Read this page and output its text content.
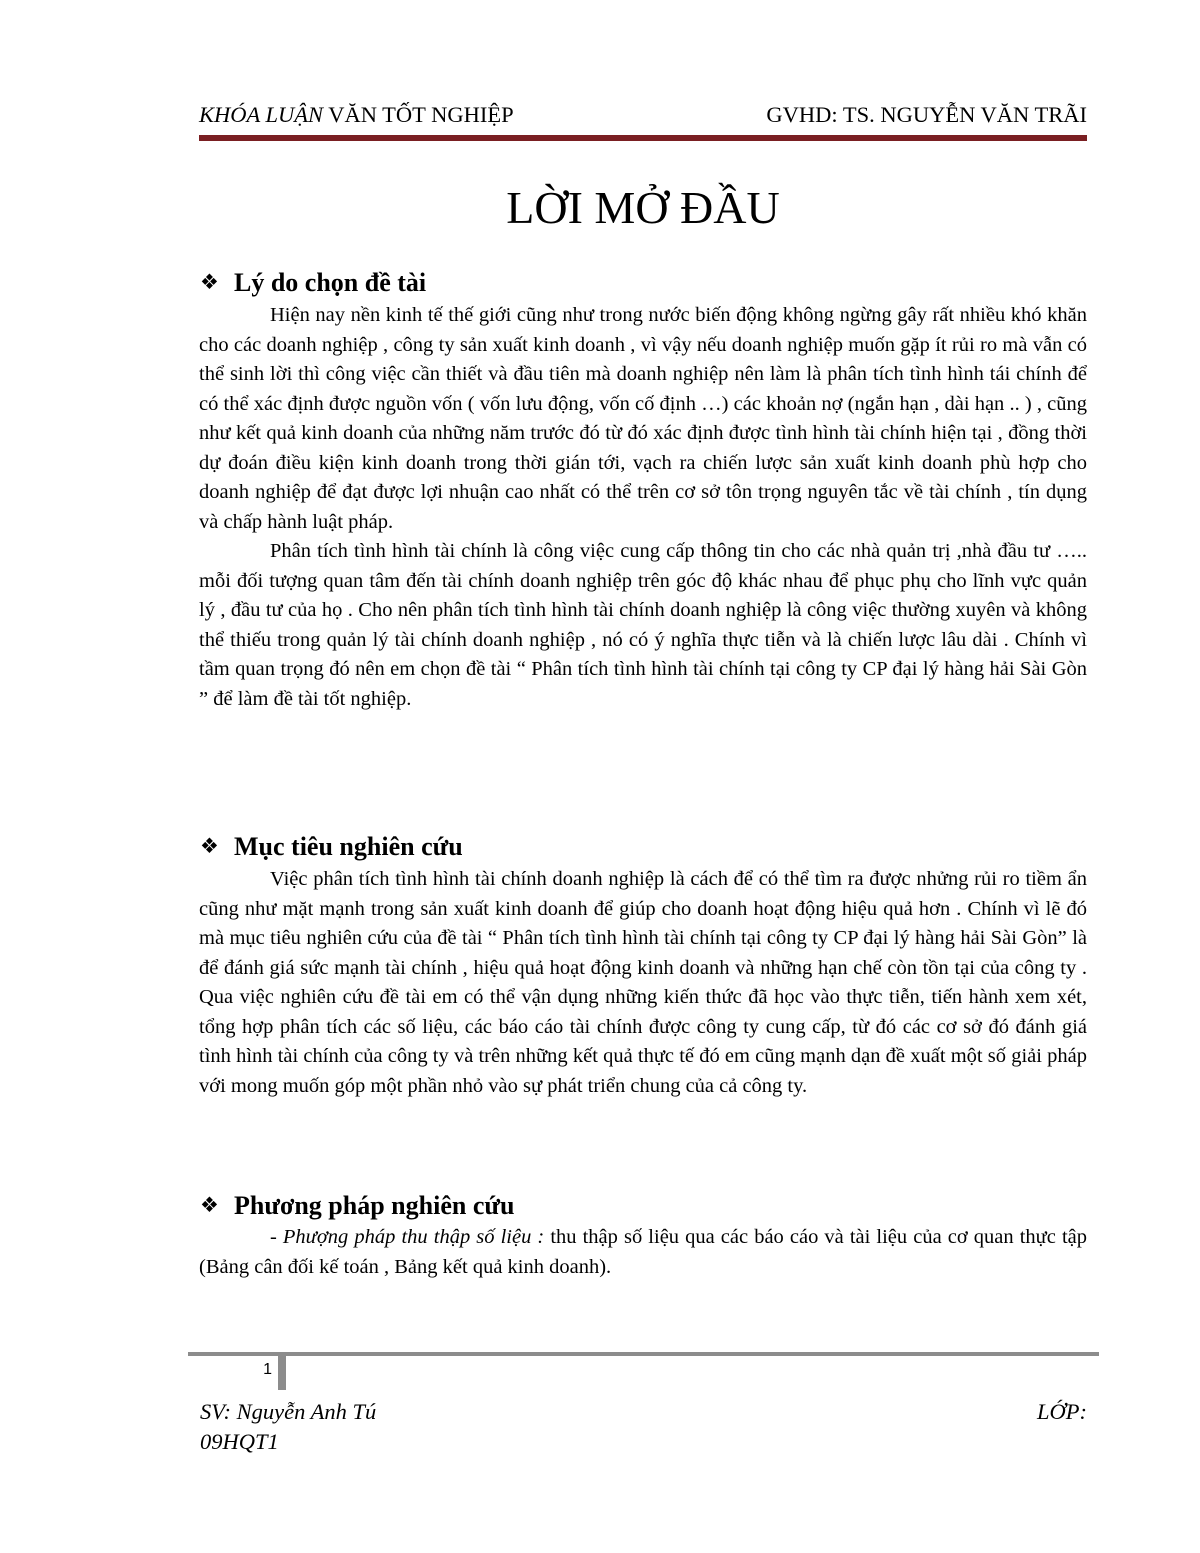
KHÓA LUẬN VĂN TỐT NGHIỆP	GVHD: TS. NGUYỄN VĂN TRÃI
LỜI MỞ ĐẦU
❖ Lý do chọn đề tài

Hiện nay nền kinh tế thế giới cũng như trong nước biến động không ngừng gây rất nhiều khó khăn cho các doanh nghiệp , công ty sản xuất kinh doanh , vì vậy nếu doanh nghiệp muốn gặp ít rủi ro mà vẫn có thể sinh lời thì công việc cần thiết và đầu tiên mà doanh nghiệp nên làm là phân tích tình hình tái chính để có thể xác định được nguồn vốn ( vốn lưu động, vốn cố định …) các khoản nợ (ngắn hạn , dài hạn .. ) , cũng như kết quả kinh doanh của những năm trước đó từ đó xác định được tình hình tài chính hiện tại , đồng thời dự đoán điều kiện kinh doanh trong thời gián tới, vạch ra chiến lược sản xuất kinh doanh phù hợp cho doanh nghiệp để đạt được lợi nhuận cao nhất có thể trên cơ sở tôn trọng nguyên tắc về tài chính , tín dụng và chấp hành luật pháp.

Phân tích tình hình tài chính là công việc cung cấp thông tin cho các nhà quản trị ,nhà đầu tư ….. mỗi đối tượng quan tâm đến tài chính doanh nghiệp trên góc độ khác nhau để phục phụ cho lĩnh vực quản lý , đầu tư của họ . Cho nên phân tích tình hình tài chính doanh nghiệp là công việc thường xuyên và không thể thiếu trong quản lý tài chính doanh nghiệp , nó có ý nghĩa thực tiễn và là chiến lược lâu dài . Chính vì tầm quan trọng đó nên em chọn đề tài “ Phân tích tình hình tài chính tại công ty CP đại lý hàng hải Sài Gòn ” để làm đề tài tốt nghiệp.

❖ Mục tiêu nghiên cứu

Việc phân tích tình hình tài chính doanh nghiệp là cách để có thể tìm ra được nhửng rủi ro tiềm ẩn cũng như mặt mạnh trong sản xuất kinh doanh để giúp cho doanh hoạt động hiệu quả hơn . Chính vì lẽ đó mà mục tiêu nghiên cứu của đề tài “ Phân tích tình hình tài chính tại công ty CP đại lý hàng hải Sài Gòn” là để đánh giá sức mạnh tài chính , hiệu quả hoạt động kinh doanh và những hạn chế còn tồn tại của công ty . Qua việc nghiên cứu đề tài em có thể vận dụng những kiến thức đã học vào thực tiễn, tiến hành xem xét, tổng hợp phân tích các số liệu, các báo cáo tài chính được công ty cung cấp, từ đó các cơ sở đó đánh giá tình hình tài chính của công ty và trên những kết quả thực tế đó em cũng mạnh dạn đề xuất một số giải pháp với mong muốn góp một phần nhỏ vào sự phát triển chung của cả công ty.

❖ Phương pháp nghiên cứu

- Phượng pháp thu thập số liệu : thu thập số liệu qua các báo cáo và tài liệu của cơ quan thực tập (Bảng cân đối kế toán , Bảng kết quả kinh doanh).

1
SV: Nguyễn Anh Tú	LỚP:
09HQT1
